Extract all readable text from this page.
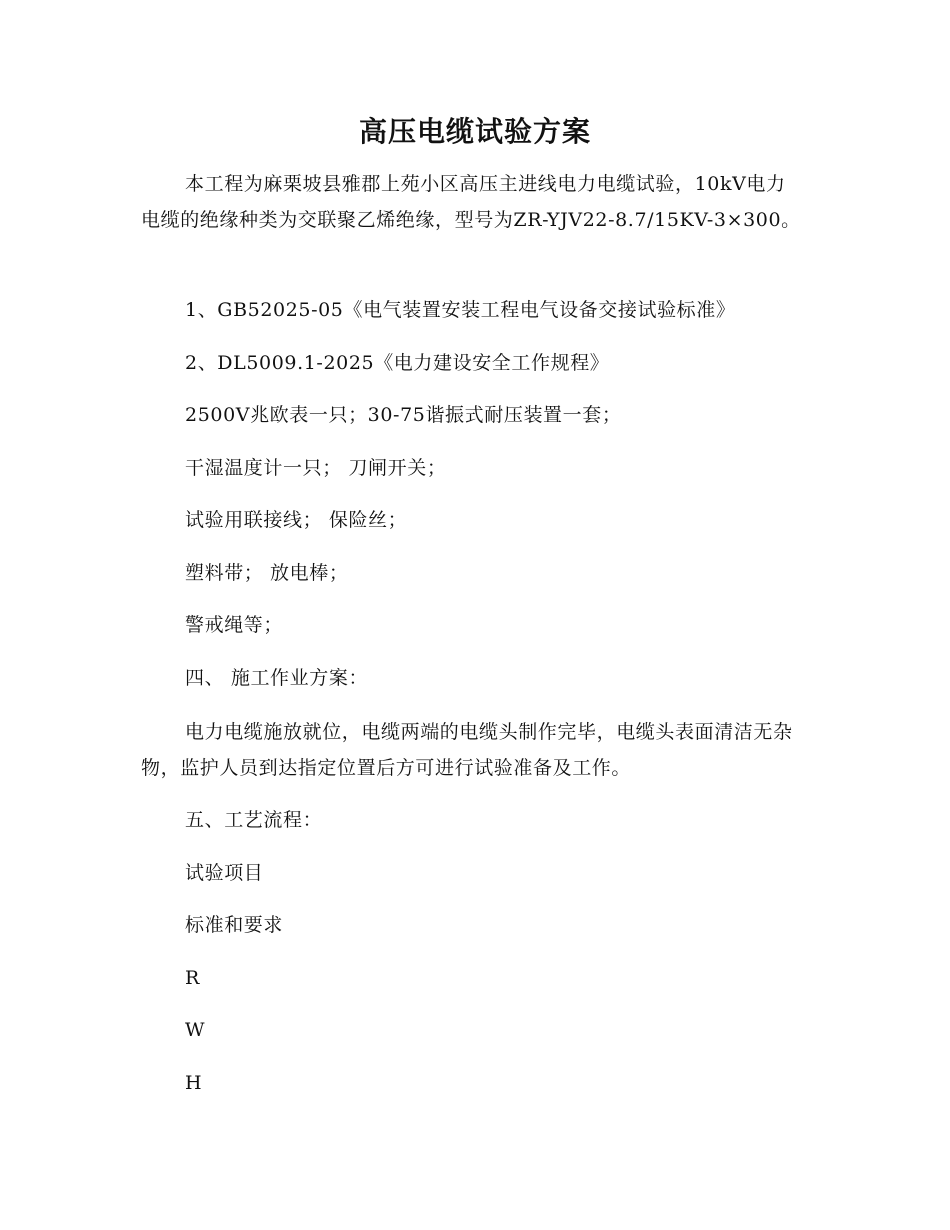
高压电缆试验方案

本工程为麻栗坡县雅郡上苑小区高压主进线电力电缆试验，10kV电力电缆的绝缘种类为交联聚乙烯绝缘，型号为ZR-YJV22-8.7/15KV-3×300。

1、GB52025-05《电气装置安装工程电气设备交接试验标准》

2、DL5009.1-2025《电力建设安全工作规程》

2500V兆欧表一只；30-75谐振式耐压装置一套；

干湿温度计一只； 刀闸开关；

试验用联接线； 保险丝；

塑料带； 放电棒；

警戒绳等；

四、 施工作业方案：

电力电缆施放就位，电缆两端的电缆头制作完毕，电缆头表面清洁无杂物，监护人员到达指定位置后方可进行试验准备及工作。

五、工艺流程：

试验项目

标准和要求

R

W

H
